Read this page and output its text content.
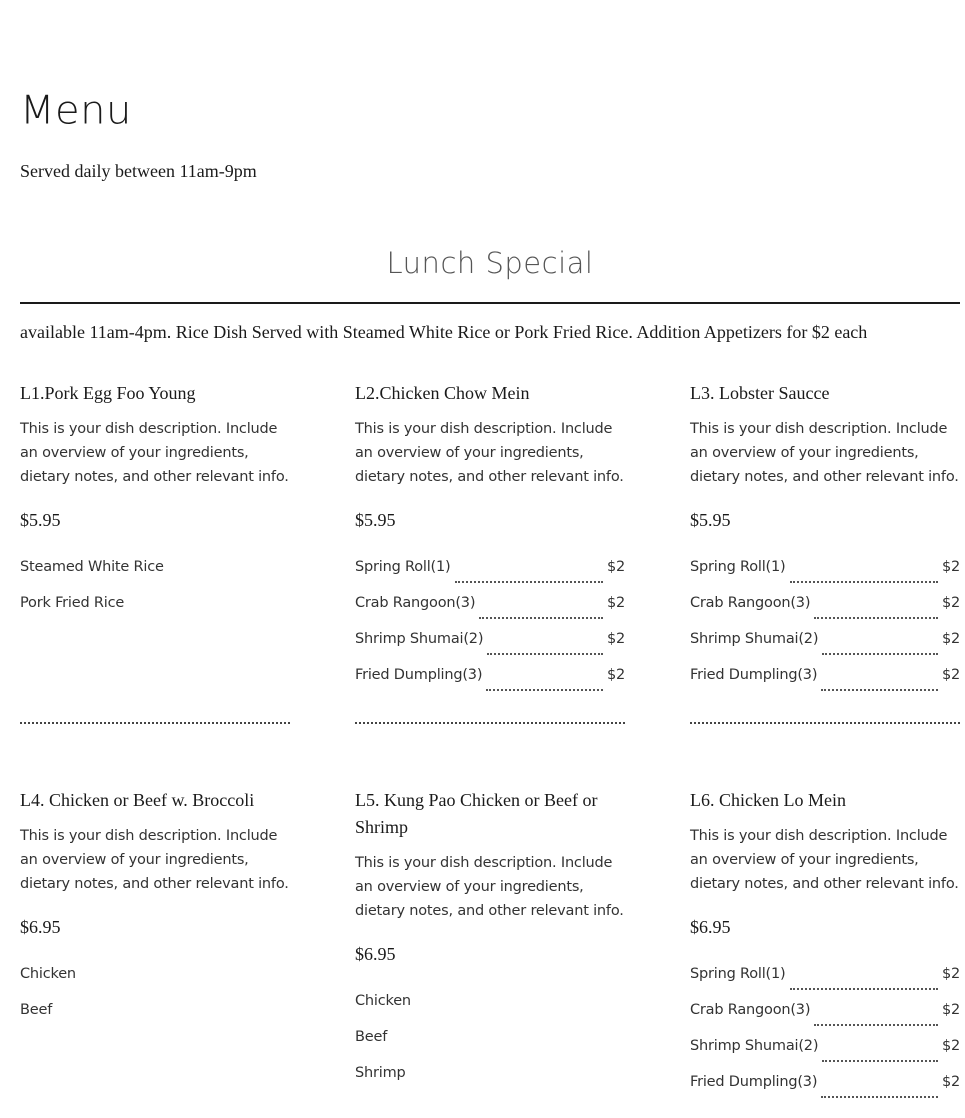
Menu

Served daily between 11am-9pm

Lunch Special

available 11am-4pm. Rice Dish Served with Steamed White Rice or Pork Fried Rice. Addition Appetizers for $2 each

L1.Pork Egg Foo Young
This is your dish description. Include an overview of your ingredients, dietary notes, and other relevant info.
$5.95
Steamed White Rice
Pork Fried Rice
L2.Chicken Chow Mein
This is your dish description. Include an overview of your ingredients, dietary notes, and other relevant info.
$5.95
Spring Roll(1)	$2
Crab Rangoon(3)	$2
Shrimp Shumai(2)	$2
Fried Dumpling(3)	$2
L3. Lobster Saucce
This is your dish description. Include an overview of your ingredients, dietary notes, and other relevant info.
$5.95
Spring Roll(1)	$2
Crab Rangoon(3)	$2
Shrimp Shumai(2)	$2
Fried Dumpling(3)	$2
L4. Chicken or Beef w. Broccoli
This is your dish description. Include an overview of your ingredients, dietary notes, and other relevant info.
$6.95
Chicken
Beef
L5. Kung Pao Chicken or Beef or Shrimp
This is your dish description. Include an overview of your ingredients, dietary notes, and other relevant info.
$6.95
Chicken
Beef
Shrimp
L6. Chicken Lo Mein
This is your dish description. Include an overview of your ingredients, dietary notes, and other relevant info.
$6.95
Spring Roll(1)	$2
Crab Rangoon(3)	$2
Shrimp Shumai(2)	$2
Fried Dumpling(3)	$2
